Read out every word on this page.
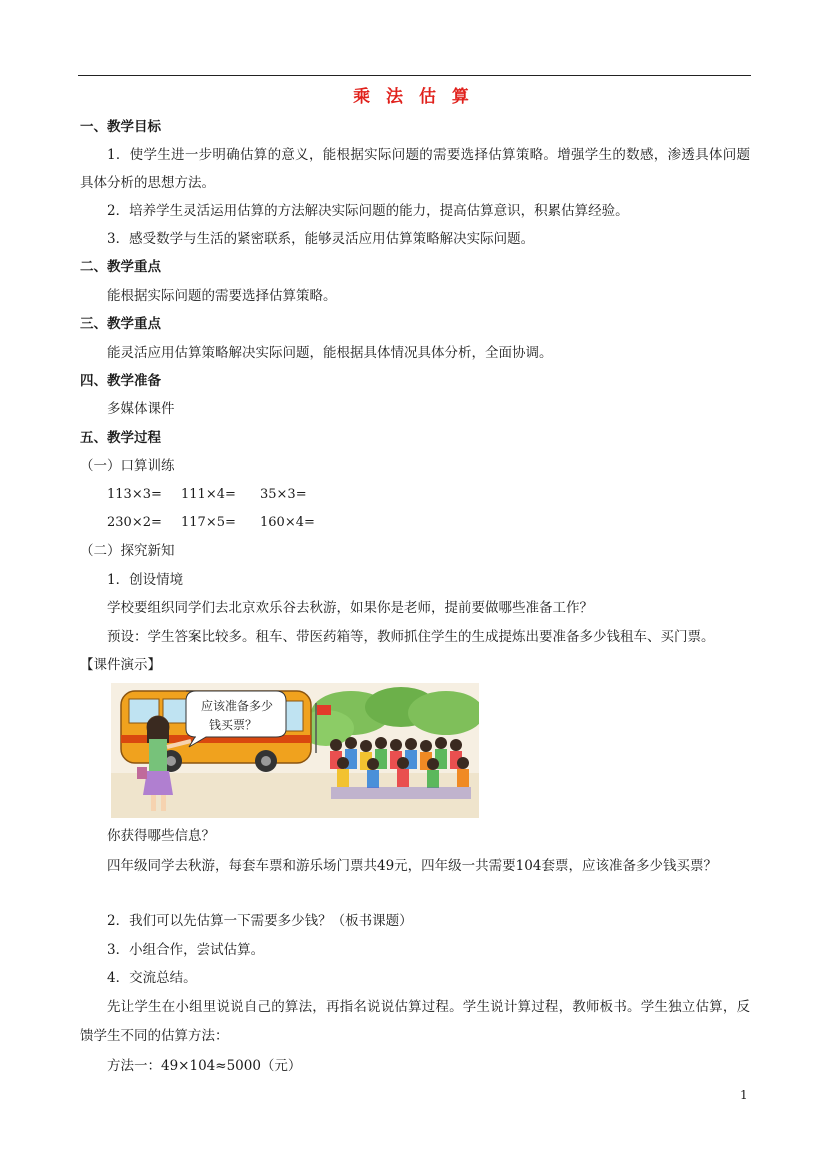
乘 法 估 算
一、教学目标
1．使学生进一步明确估算的意义，能根据实际问题的需要选择估算策略。增强学生的数感，渗透具体问题具体分析的思想方法。
2．培养学生灵活运用估算的方法解决实际问题的能力，提高估算意识，积累估算经验。
3．感受数学与生活的紧密联系，能够灵活应用估算策略解决实际问题。
二、教学重点
能根据实际问题的需要选择估算策略。
三、教学重点
能灵活应用估算策略解决实际问题，能根据具体情况具体分析，全面协调。
四、教学准备
多媒体课件
五、教学过程
（一）口算训练
113×3= 111×4= 35×3=
230×2= 117×5= 160×4=
（二）探究新知
1．创设情境
学校要组织同学们去北京欢乐谷去秋游，如果你是老师，提前要做哪些准备工作？
预设：学生答案比较多。租车、带医药箱等，教师抓住学生的生成提炼出要准备多少钱租车、买门票。
【课件演示】
应该准备多少
钱买票？
你获得哪些信息？
四年级同学去秋游，每套车票和游乐场门票共49元，四年级一共需要104套票，应该准备多少钱买票？
2．我们可以先估算一下需要多少钱？（板书课题）
3．小组合作，尝试估算。
4．交流总结。
先让学生在小组里说说自己的算法，再指名说说估算过程。学生说计算过程，教师板书。学生独立估算，反馈学生不同的估算方法：
方法一：49×104≈5000（元）
1
